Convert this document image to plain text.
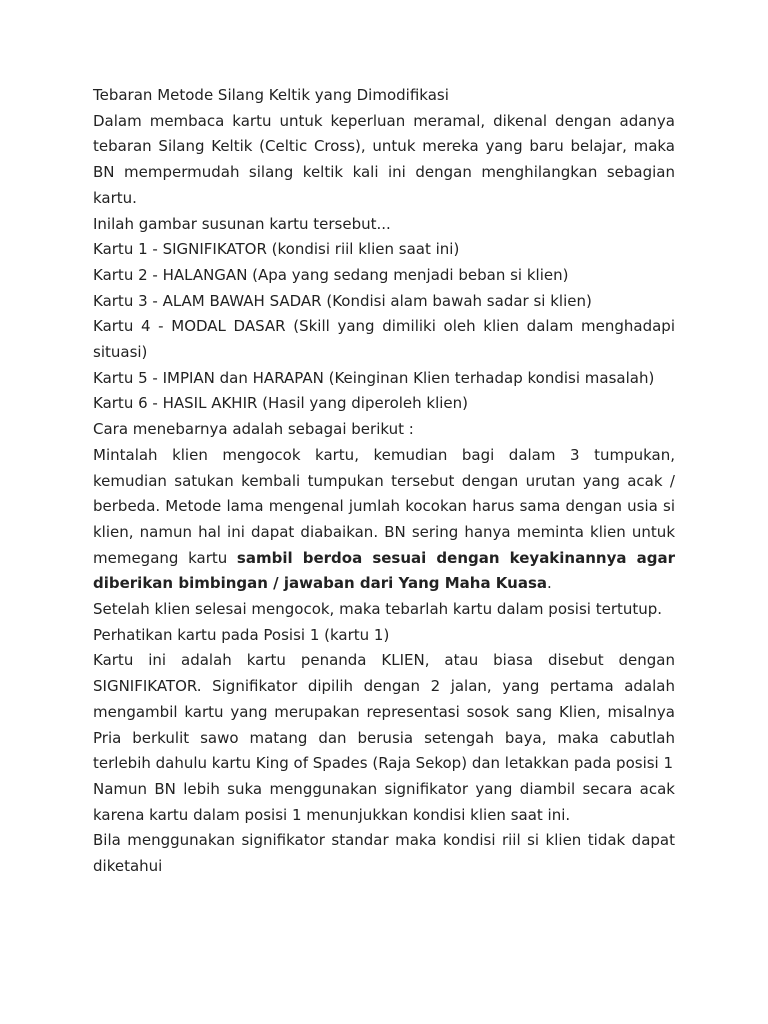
Tebaran Metode Silang Keltik yang Dimodifikasi

Dalam membaca kartu untuk keperluan meramal, dikenal dengan adanya tebaran Silang Keltik (Celtic Cross), untuk mereka yang baru belajar, maka BN mempermudah silang keltik kali ini dengan menghilangkan sebagian kartu.

Inilah gambar susunan kartu tersebut...

Kartu 1 - SIGNIFIKATOR (kondisi riil klien saat ini)

Kartu 2 - HALANGAN (Apa yang sedang menjadi beban si klien)

Kartu 3 - ALAM BAWAH SADAR (Kondisi alam bawah sadar si klien)

Kartu 4 - MODAL DASAR (Skill yang dimiliki oleh klien dalam menghadapi situasi)

Kartu 5 - IMPIAN dan HARAPAN (Keinginan Klien terhadap kondisi masalah)

Kartu 6 - HASIL AKHIR (Hasil yang diperoleh klien)

Cara menebarnya adalah sebagai berikut :

Mintalah klien mengocok kartu, kemudian bagi dalam 3 tumpukan, kemudian satukan kembali tumpukan tersebut dengan urutan yang acak / berbeda. Metode lama mengenal jumlah kocokan harus sama dengan usia si klien, namun hal ini dapat diabaikan. BN sering hanya meminta klien untuk memegang kartu sambil berdoa sesuai dengan keyakinannya agar diberikan bimbingan / jawaban dari Yang Maha Kuasa.

Setelah klien selesai mengocok, maka tebarlah kartu dalam posisi tertutup.

Perhatikan kartu pada Posisi 1 (kartu 1)

Kartu ini adalah kartu penanda KLIEN, atau biasa disebut dengan SIGNIFIKATOR. Signifikator dipilih dengan 2 jalan, yang pertama adalah mengambil kartu yang merupakan representasi sosok sang Klien, misalnya Pria berkulit sawo matang dan berusia setengah baya, maka cabutlah terlebih dahulu kartu King of Spades (Raja Sekop) dan letakkan pada posisi 1

Namun BN lebih suka menggunakan signifikator yang diambil secara acak karena kartu dalam posisi 1 menunjukkan kondisi klien saat ini.

Bila menggunakan signifikator standar maka kondisi riil si klien tidak dapat diketahui
